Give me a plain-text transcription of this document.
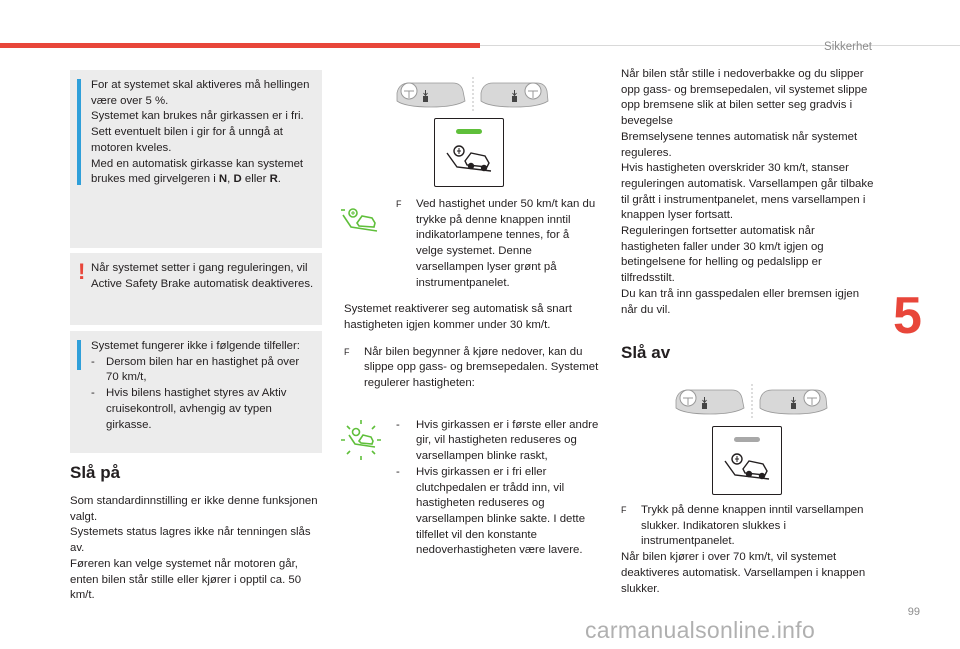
Sikkerhet
5
99
carmanualsonline.info

For at systemet skal aktiveres må hellingen være over 5 %.

Systemet kan brukes når girkassen er i fri. Sett eventuelt bilen i gir for å unngå at motoren kveles.

Med en automatisk girkasse kan systemet brukes med girvelgeren i N, D eller R.

! Når systemet setter i gang reguleringen, vil Active Safety Brake automatisk deaktiveres.

Systemet fungerer ikke i følgende tilfeller:

- Dersom bilen har en hastighet på over 70 km/t,
- Hvis bilens hastighet styres av Aktiv cruisekontroll, avhengig av typen girkasse.
Slå på

Som standardinnstilling er ikke denne funksjonen valgt.

Systemets status lagres ikke når tenningen slås av.

Føreren kan velge systemet når motoren går, enten bilen står stille eller kjører i opptil ca. 50 km/t.

F	Ved hastighet under 50 km/t kan du trykke på denne knappen inntil indikatorlampene tennes, for å velge systemet. Denne varsellampen lyser grønt på instrumentpanelet.

Systemet reaktiverer seg automatisk så snart hastigheten igjen kommer under 30 km/t.

F	Når bilen begynner å kjøre nedover, kan du slippe opp gass- og bremsepedalen. Systemet regulerer hastigheten:
-	Hvis girkassen er i første eller andre gir, vil hastigheten reduseres og varsellampen blinke raskt,
-	Hvis girkassen er i fri eller clutchpedalen er trådd inn, vil hastigheten reduseres og varsellampen blinke sakte. I dette tilfellet vil den konstante nedoverhastigheten være lavere.

Når bilen står stille i nedoverbakke og du slipper opp gass- og bremsepedalen, vil systemet slippe opp bremsene slik at bilen setter seg gradvis i bevegelse

Bremselysene tennes automatisk når systemet reguleres.

Hvis hastigheten overskrider 30 km/t, stanser reguleringen automatisk. Varsellampen går tilbake til grått i instrumentpanelet, mens varsellampen i knappen lyser fortsatt.

Reguleringen fortsetter automatisk når hastigheten faller under 30 km/t igjen og betingelsene for helling og pedalslipp er tilfredsstilt.

Du kan trå inn gasspedalen eller bremsen igjen når du vil.

Slå av
F	Trykk på denne knappen inntil varsellampen slukker. Indikatoren slukkes i instrumentpanelet.

Når bilen kjører i over 70 km/t, vil systemet deaktiveres automatisk. Varsellampen i knappen slukker.
